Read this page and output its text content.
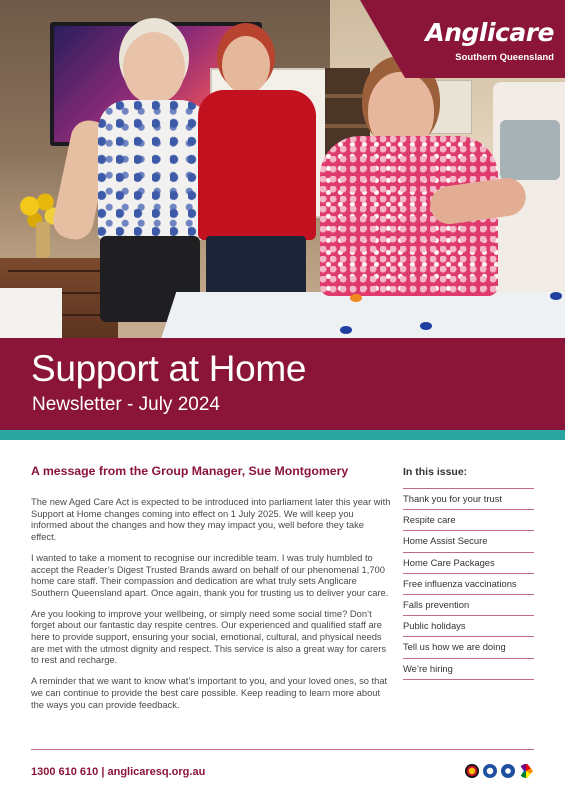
Anglicare
Southern Queensland
Support at Home
Newsletter - July 2024
A message from the Group Manager, Sue Montgomery

The new Aged Care Act is expected to be introduced into parliament later this year with Support at Home changes coming into effect on 1 July 2025. We will keep you informed about the changes and how they may impact you, well before they take effect.

I wanted to take a moment to recognise our incredible team. I was truly humbled to accept the Reader’s Digest Trusted Brands award on behalf of our phenomenal 1,700 home care staff. Their compassion and dedication are what truly sets Anglicare Southern Queensland apart. Once again, thank you for trusting us to deliver your care.

Are you looking to improve your wellbeing, or simply need some social time? Don’t forget about our fantastic day respite centres. Our experienced and qualified staff are here to provide support, ensuring your social, emotional, cultural, and physical needs are met with the utmost dignity and respect. This service is also a great way for carers to rest and recharge.

A reminder that we want to know what’s important to you, and your loved ones, so that we can continue to provide the best care possible. Keep reading to learn more about the ways you can provide feedback.

In this issue:
Thank you for your trust
Respite care
Home Assist Secure
Home Care Packages
Free influenza vaccinations
Falls prevention
Public holidays
Tell us how we are doing
We’re hiring
1300 610 610 | anglicaresq.org.au
